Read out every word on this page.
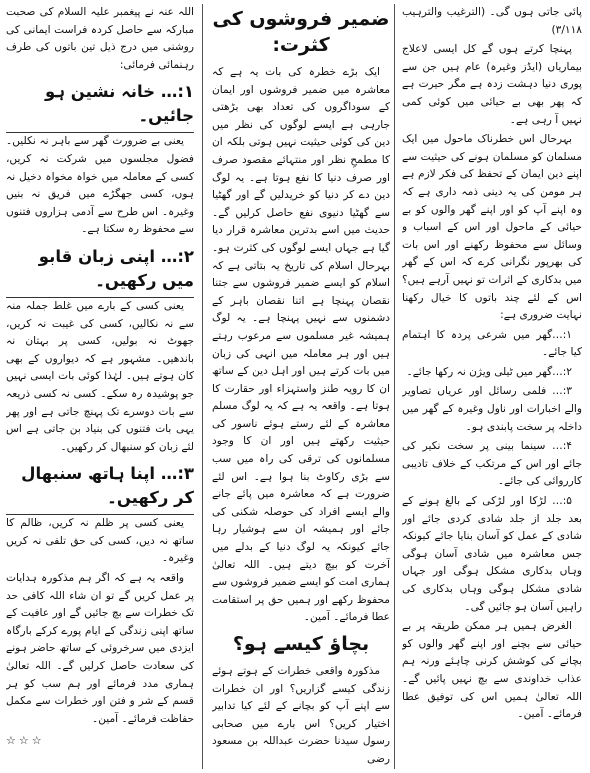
پائی جاتی ہوں گی۔ (الترغیب والترہیب ۳/۱۱۸)

پہنچا کرتے ہوں گے کل ایسی لاعلاج بیماریاں (ایڈز وغیرہ) عام ہیں جن سے پوری دنیا دہشت زدہ ہے مگر حیرت ہے کہ پھر بھی بے حیائی میں کوئی کمی نہیں آ رہی ہے۔

بہرحال اس خطرناک ماحول میں ایک مسلمان کو مسلمان ہونے کی حیثیت سے اپنے دین ایمان کے تحفظ کی فکر لازم ہے ہر مومن کی یہ دینی ذمہ داری ہے کہ وہ اپنے آپ کو اور اپنے گھر والوں کو بے حیائی کے ماحول اور اس کے اسباب و وسائل سے محفوظ رکھنے اور اس بات کی بھرپور نگرانی کرے کہ اس کے گھر میں بدکاری کے اثرات تو نہیں آرہے ہیں؟ اس کے لئے چند باتوں کا خیال رکھنا نہایت ضروری ہے:

۱:…گھر میں شرعی پردہ کا اہتمام کیا جائے۔

۲:…گھر میں ٹیلی ویژن نہ رکھا جائے۔

۳:… فلمی رسائل اور عریاں تصاویر والے اخبارات اور ناول وغیرہ کے گھر میں داخلہ پر سخت پابندی ہو۔

۴:… سینما بینی پر سخت نکیر کی جائے اور اس کے مرتکب کے خلاف تادیبی کارروائی کی جائے۔

۵:… لڑکا اور لڑکی کے بالغ ہونے کے بعد جلد از جلد شادی کردی جائے اور شادی کے عمل کو آسان بنایا جائے کیونکہ جس معاشرہ میں شادی آسان ہوگی وہاں بدکاری مشکل ہوگی اور جہاں شادی مشکل ہوگی وہاں بدکاری کی راہیں آسان ہو جائیں گی۔

الغرض ہمیں ہر ممکن طریقہ پر بے حیائی سے بچنے اور اپنے گھر والوں کو بچانے کی کوشش کرنی چاہئے ورنہ ہم عذاب خداوندی سے بچ نہیں پائیں گے۔ اللہ تعالیٰ ہمیں اس کی توفیق عطا فرمائے۔ آمین۔

ضمیر فروشوں کی کثرت:

ایک بڑے خطرہ کی بات یہ ہے کہ معاشرہ میں ضمیر فروشوں اور ایمان کے سوداگروں کی تعداد بھی بڑھتی جارہی ہے ایسے لوگوں کی نظر میں دین کی کوئی حیثیت نہیں ہوتی بلکہ ان کا مطمحِ نظر اور منتہائے مقصود صرف اور صرف دنیا کا نفع ہوتا ہے۔ یہ لوگ دین دے کر دنیا کو خریدلیں گے اور گھٹیا سے گھٹیا دنیوی نفع حاصل کرلیں گے۔ حدیث میں اسے بدترین معاشرہ قرار دیا گیا ہے جہاں ایسے لوگوں کی کثرت ہو۔ بہرحال اسلام کی تاریخ یہ بتاتی ہے کہ اسلام کو ایسے ضمیر فروشوں سے جتنا نقصان پہنچا ہے اتنا نقصان باہر کے دشمنوں سے نہیں پہنچا ہے۔ یہ لوگ ہمیشہ غیر مسلموں سے مرعوب رہتے ہیں اور ہر معاملہ میں انہی کی زبان میں بات کرتے ہیں اور اہل دین کے ساتھ ان کا رویہ طنز واستہزاء اور حقارت کا ہوتا ہے۔ واقعہ یہ ہے کہ یہ لوگ مسلم معاشرہ کے لئے رستے ہوئے ناسور کی حیثیت رکھتے ہیں اور ان کا وجود مسلمانوں کی ترقی کی راہ میں سب سے بڑی رکاوٹ بنا ہوا ہے۔ اس لئے ضرورت ہے کہ معاشرہ میں پائے جانے والے ایسے افراد کی حوصلہ شکنی کی جائے اور ہمیشہ ان سے ہوشیار رہا جائے کیونکہ یہ لوگ دنیا کے بدلے میں آخرت کو بیچ دیتے ہیں۔ اللہ تعالیٰ ہماری امت کو ایسے ضمیر فروشوں سے محفوظ رکھے اور ہمیں حق پر استقامت عطا فرمائے۔ آمین۔

بچاؤ کیسے ہو؟

مذکورہ واقعی خطرات کے ہوتے ہوئے زندگی کیسے گزاریں؟ اور ان خطرات سے اپنے آپ کو بچانے کے لئے کیا تدابیر اختیار کریں؟ اس بارے میں صحابی رسول سیدنا حضرت عبداللہ بن مسعود رضی

اللہ عنہ نے پیغمبر علیہ السلام کی صحبت مبارکہ سے حاصل کردہ فراست ایمانی کی روشنی میں درج ذیل تین باتوں کی طرف رہنمائی فرمائی:

۱:… خانہ نشین ہو جائیں۔

یعنی بے ضرورت گھر سے باہر نہ نکلیں۔ فضول مجلسوں میں شرکت نہ کریں، کسی کے معاملہ میں خواہ مخواہ دخیل نہ ہوں، کسی جھگڑے میں فریق نہ بنیں وغیرہ۔ اس طرح سے آدمی ہزاروں فتنوں سے محفوظ رہ سکتا ہے۔

۲:… اپنی زبان قابو میں رکھیں۔

یعنی کسی کے بارے میں غلط جملہ منہ سے نہ نکالیں، کسی کی غیبت نہ کریں، جھوٹ نہ بولیں، کسی پر بہتان نہ باندھیں۔ مشہور ہے کہ دیواروں کے بھی کان ہوتے ہیں۔ لہٰذا کوئی بات ایسی نہیں جو پوشیدہ رہ سکے۔ کسی نہ کسی ذریعہ سے بات دوسرے تک پہنچ جاتی ہے اور پھر یہی بات فتنوں کی بنیاد بن جاتی ہے اس لئے زبان کو سنبھال کر رکھیں۔

۳:… اپنا ہاتھ سنبھال کر رکھیں۔

یعنی کسی پر ظلم نہ کریں، ظالم کا ساتھ نہ دیں، کسی کی حق تلفی نہ کریں وغیرہ۔

واقعہ یہ ہے کہ اگر ہم مذکورہ ہدایات پر عمل کریں گے تو ان شاء اللہ کافی حد تک خطرات سے بچ جائیں گے اور عافیت کے ساتھ اپنی زندگی کے ایام پورے کرکے بارگاہ ایزدی میں سرخروئی کے ساتھ حاضر ہونے کی سعادت حاصل کرلیں گے۔ اللہ تعالیٰ ہماری مدد فرمائے اور ہم سب کو ہر قسم کے شر و فتن اور خطرات سے مکمل حفاظت فرمائے۔ آمین۔

☆☆☆
